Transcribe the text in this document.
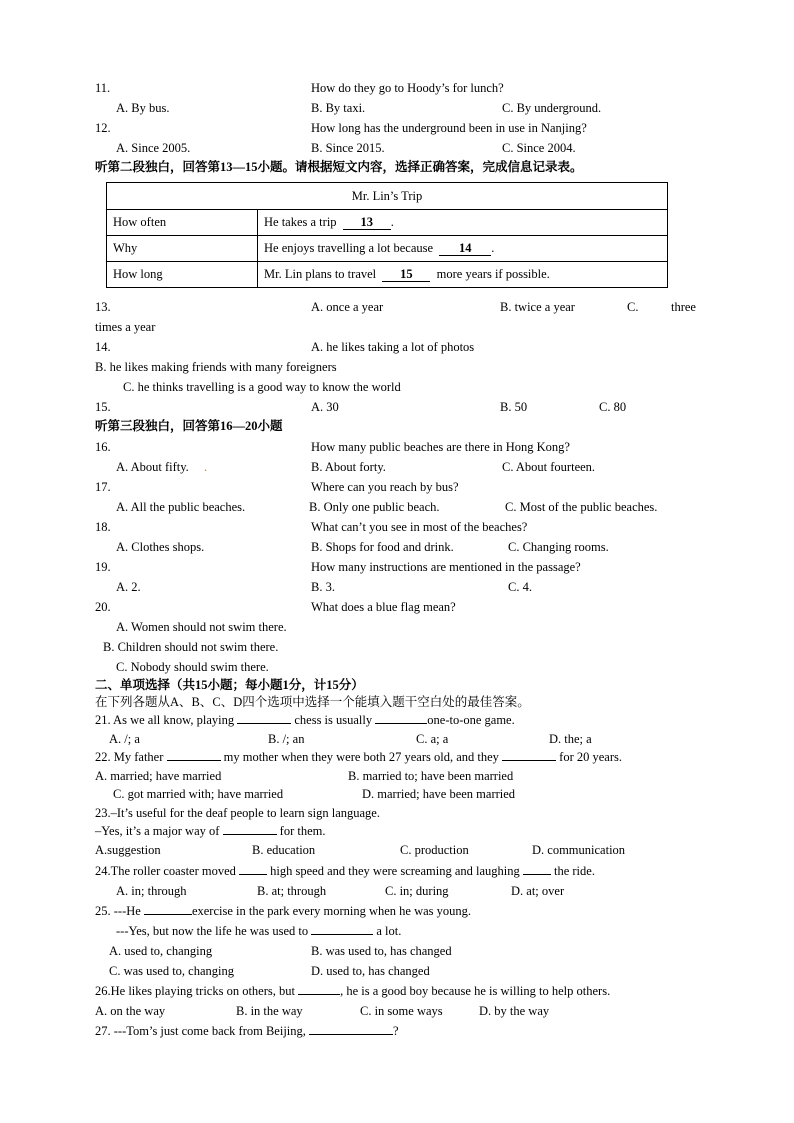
11.	How do they go to Hoody’s for lunch?
A. By bus.	B. By taxi.	C. By underground.
12.	How long has the underground been in use in Nanjing?
A. Since 2005.	B. Since 2015.	C. Since 2004.
听第二段独白，回答第13—15小题。请根据短文内容，选择正确答案，完成信息记录表。
Mr. Lin’s Trip	
How often	He takes a trip 13 .
Why	He enjoys travelling a lot because 14 .
How long	Mr. Lin plans to travel 15 more years if possible.
13.	A. once a year	B. twice a year	C.	three
times a year
14.	A. he likes taking a lot of photos
B. he likes making friends with many foreigners
C. he thinks travelling is a good way to know the world
15.	A. 30	B. 50	C. 80
听第三段独白，回答第16—20小题
16.	How many public beaches are there in Hong Kong?
A. About fifty. .	B. About forty.	C. About fourteen.
17.	Where can you reach by bus?
A. All the public beaches.	B. Only one public beach.	C. Most of the public beaches.
18.	What can’t you see in most of the beaches?
A. Clothes shops.	B. Shops for food and drink.	C. Changing rooms.
19.	How many instructions are mentioned in the passage?
A. 2.	B. 3.	C. 4.
20.	What does a blue flag mean?
A. Women should not swim there.
B. Children should not swim there.
C. Nobody should swim there.
二、单项选择（共15小题；每小题1分，计15分）
在下列各题从A、B、C、D四个选项中选择一个能填入题干空白处的最佳答案。
21. As we all know, playing	chess is usually	one-to-one game.
A. /; a	B. /; an	C. a; a	D. the; a
22. My father	my mother when they were both 27 years old, and they	for 20 years.
A. married; have married	B. married to; have been married
C. got married with; have married	D. married; have been married
23.–It’s useful for the deaf people to learn sign language.
–Yes, it’s a major way of	for them.
A.suggestion	B. education	C. production	D. communication
24.The roller coaster moved	high speed and they were screaming and laughing	the ride.
A. in; through	B. at; through	C. in; during	D. at; over
25. ---He	exercise in the park every morning when he was young.
---Yes, but now the life he was used to	a lot.
A. used to, changing	B. was used to, has changed
C. was used to, changing	D. used to, has changed
26.He likes playing tricks on others, but	, he is a good boy because he is willing to help others.
A. on the way	B. in the way	C. in some ways	D. by the way
27. ---Tom’s just come back from Beijing,	?
